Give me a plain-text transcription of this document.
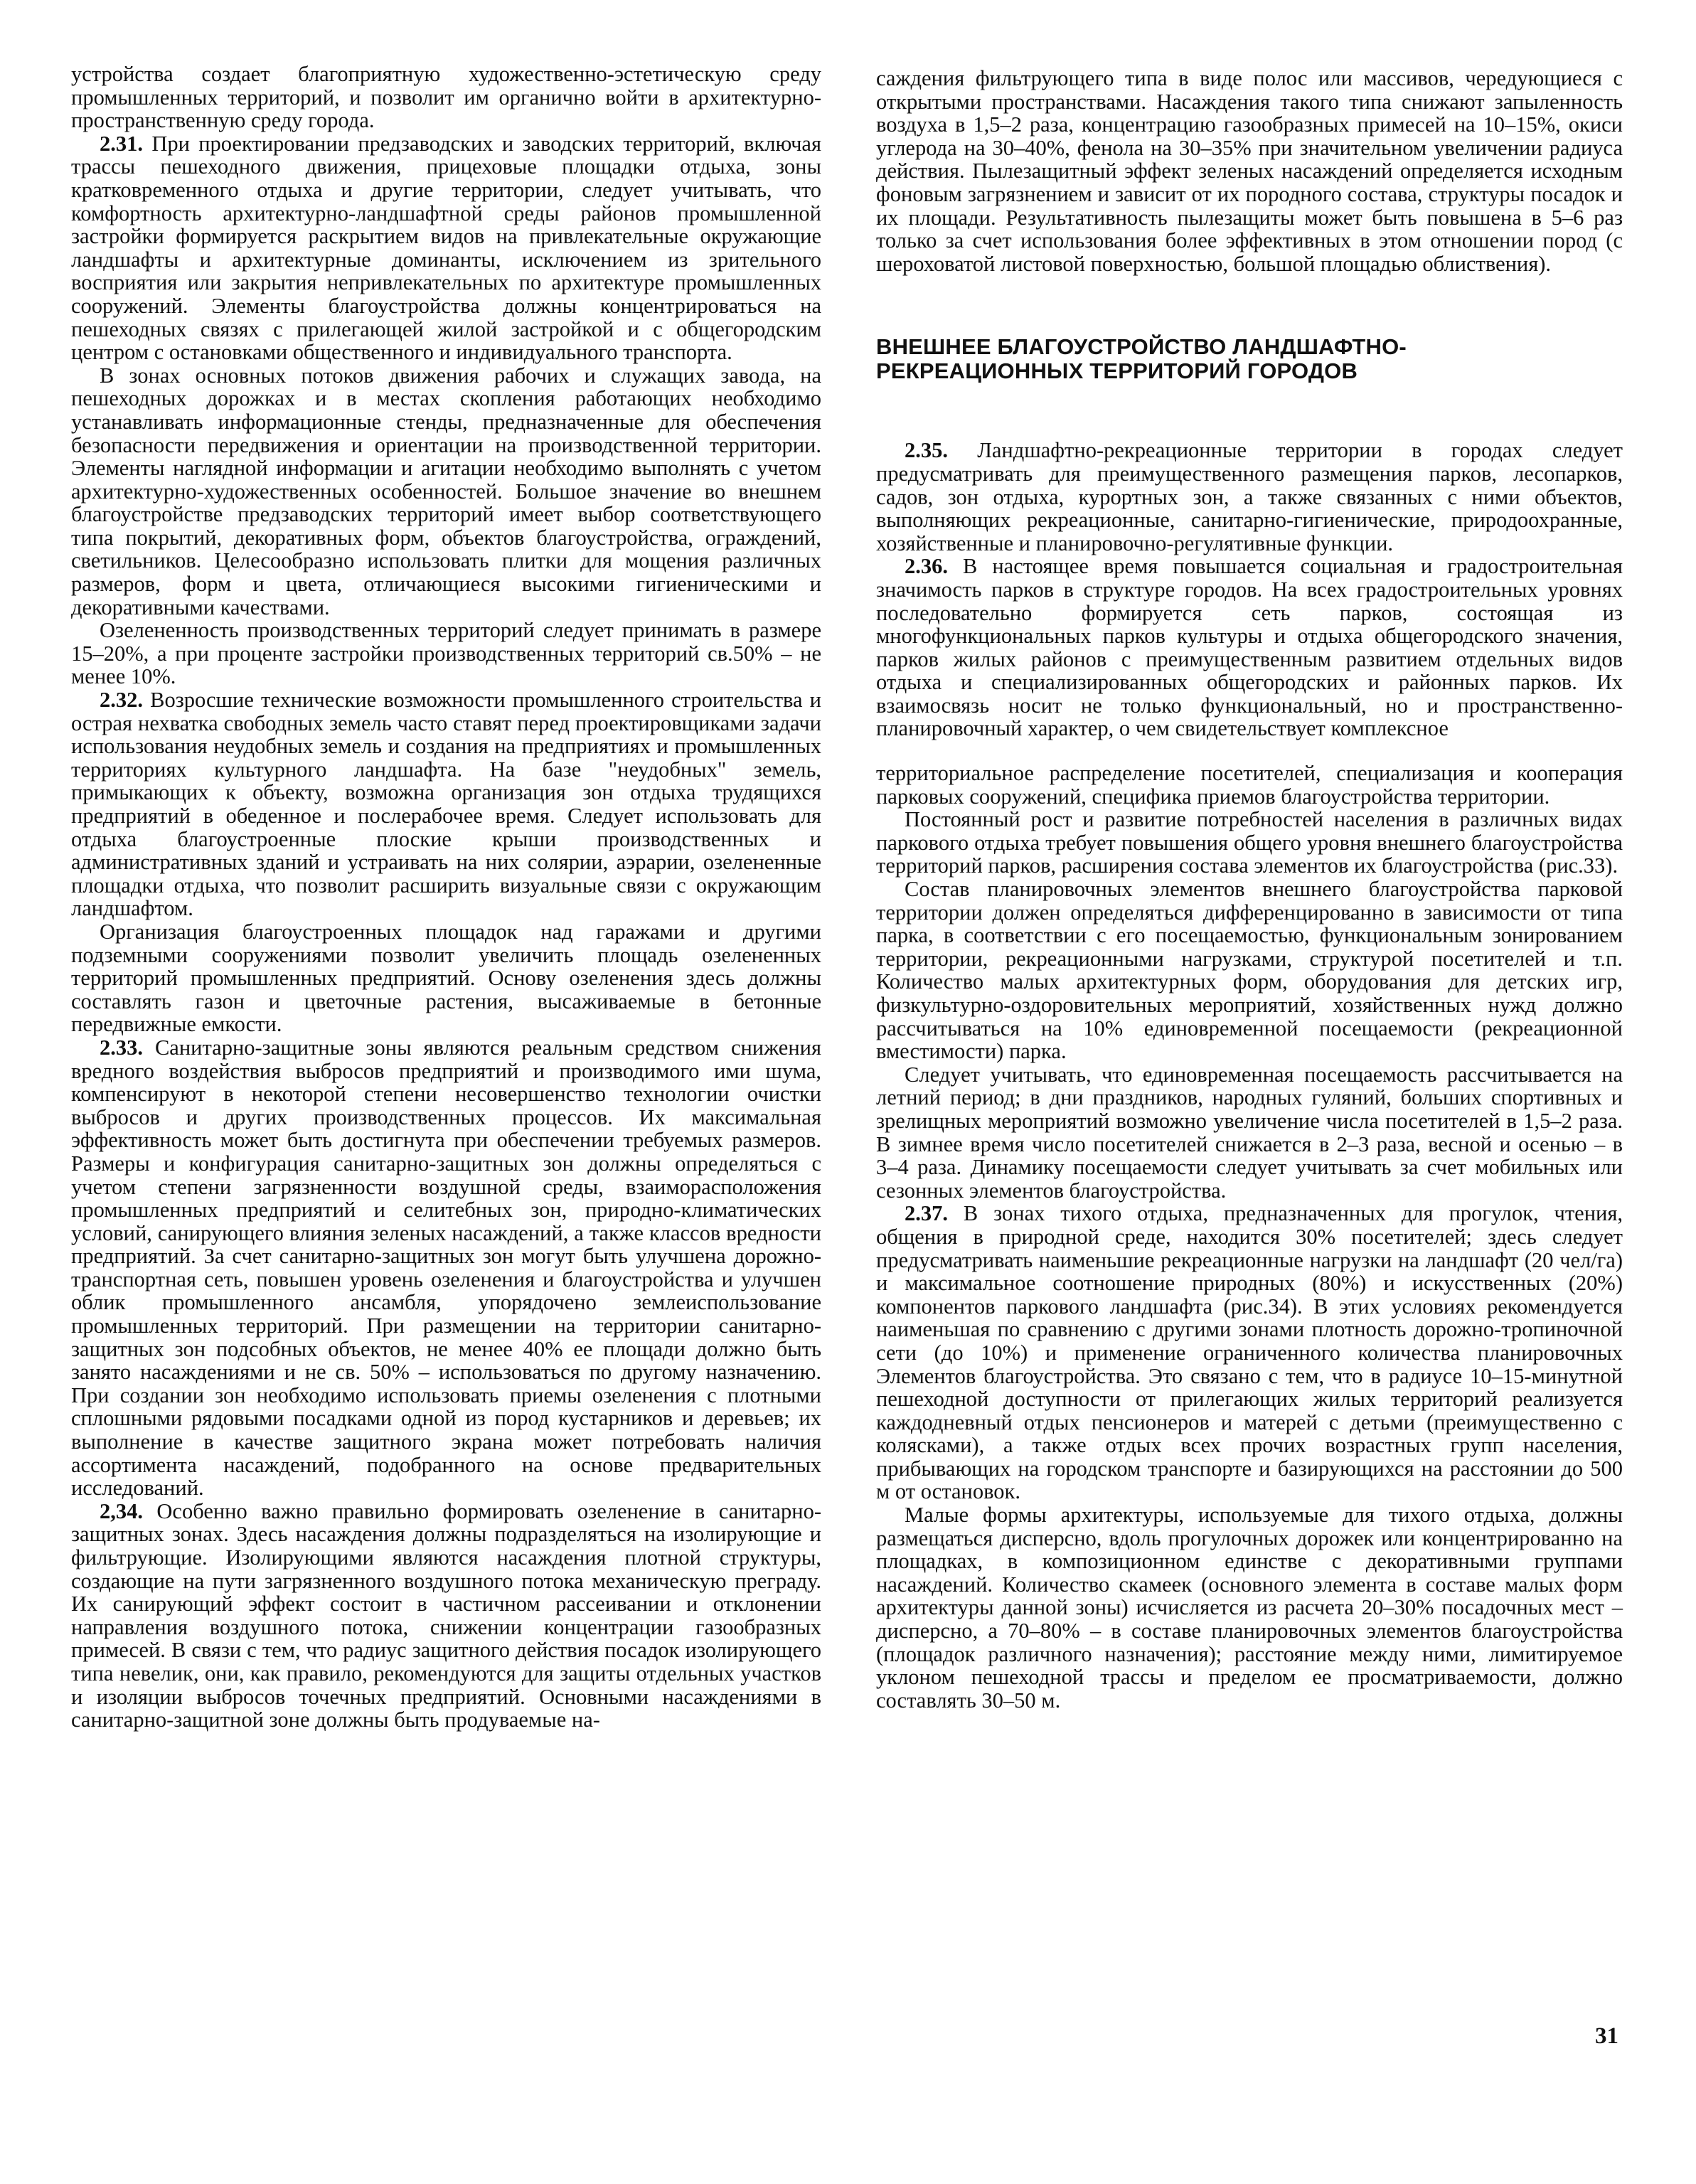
устройства создает благоприятную художественно-эстетическую среду промышленных территорий, и позволит им органично войти в архитектурно-пространственную среду города.

2.31. При проектировании предзаводских и заводских территорий, включая трассы пешеходного движения, прицеховые площадки отдыха, зоны кратковременного отдыха и другие территории, следует учитывать, что комфортность архитектурно-ландшафтной среды районов промышленной застройки формируется раскрытием видов на привлекательные окружающие ландшафты и архитектурные доминанты, исключением из зрительного восприятия или закрытия непривлекательных по архитектуре промышленных сооружений. Элементы благоустройства должны концентрироваться на пешеходных связях с прилегающей жилой застройкой и с общегородским центром с остановками общественного и индивидуального транспорта.

В зонах основных потоков движения рабочих и служащих завода, на пешеходных дорожках и в местах скопления работающих необходимо устанавливать информационные стенды, предназначенные для обеспечения безопасности передвижения и ориентации на производственной территории. Элементы наглядной информации и агитации необходимо выполнять с учетом архитектурно-художественных особенностей. Большое значение во внешнем благоустройстве предзаводских территорий имеет выбор соответствующего типа покрытий, декоративных форм, объектов благоустройства, ограждений, светильников. Целесообразно использовать плитки для мощения различных размеров, форм и цвета, отличающиеся высокими гигиеническими и декоративными качествами.

Озелененность производственных территорий следует принимать в размере 15–20%, а при проценте застройки производственных территорий св.50% – не менее 10%.

2.32. Возросшие технические возможности промышленного строительства и острая нехватка свободных земель часто ставят перед проектировщиками задачи использования неудобных земель и создания на предприятиях и промышленных территориях культурного ландшафта. На базе "неудобных" земель, примыкающих к объекту, возможна организация зон отдыха трудящихся предприятий в обеденное и послерабочее время. Следует использовать для отдыха благоустроенные плоские крыши производственных и административных зданий и устраивать на них солярии, аэрарии, озелененные площадки отдыха, что позволит расширить визуальные связи с окружающим ландшафтом.

Организация благоустроенных площадок над гаражами и другими подземными сооружениями позволит увеличить площадь озелененных территорий промышленных предприятий. Основу озеленения здесь должны составлять газон и цветочные растения, высаживаемые в бетонные передвижные емкости.

2.33. Санитарно-защитные зоны являются реальным средством снижения вредного воздействия выбросов предприятий и производимого ими шума, компенсируют в некоторой степени несовершенство технологии очистки выбросов и других производственных процессов. Их максимальная эффективность может быть достигнута при обеспечении требуемых размеров. Размеры и конфигурация санитарно-защитных зон должны определяться с учетом степени загрязненности воздушной среды, взаиморасположения промышленных предприятий и селитебных зон, природно-климатических условий, санирующего влияния зеленых насаждений, а также классов вредности предприятий. За счет санитарно-защитных зон могут быть улучшена дорожно-транспортная сеть, повышен уровень озеленения и благоустройства и улучшен облик промышленного ансамбля, упорядочено землеиспользование промышленных территорий. При размещении на территории санитарно-защитных зон подсобных объектов, не менее 40% ее площади должно быть занято насаждениями и не св. 50% – использоваться по другому назначению. При создании зон необходимо использовать приемы озеленения с плотными сплошными рядовыми посадками одной из пород кустарников и деревьев; их выполнение в качестве защитного экрана может потребовать наличия ассортимента насаждений, подобранного на основе предварительных исследований.

2,34. Особенно важно правильно формировать озеленение в санитарно-защитных зонах. Здесь насаждения должны подразделяться на изолирующие и фильтрующие. Изолирующими являются насаждения плотной структуры, создающие на пути загрязненного воздушного потока механическую преграду. Их санирующий эффект состоит в частичном рассеивании и отклонении направления воздушного потока, снижении концентрации газообразных примесей. В связи с тем, что радиус защитного действия посадок изолирующего типа невелик, они, как правило, рекомендуются для защиты отдельных участков и изоляции выбросов точечных предприятий. Основными насаждениями в санитарно-защитной зоне должны быть продуваемые на-

саждения фильтрующего типа в виде полос или массивов, чередующиеся с открытыми пространствами. Насаждения такого типа снижают запыленность воздуха в 1,5–2 раза, концентрацию газообразных примесей на 10–15%, окиси углерода на 30–40%, фенола на 30–35% при значительном увеличении радиуса действия. Пылезащитный эффект зеленых насаждений определяется исходным фоновым загрязнением и зависит от их породного состава, структуры посадок и их площади. Результативность пылезащиты может быть повышена в 5–6 раз только за счет использования более эффективных в этом отношении пород (с шероховатой листовой поверхностью, большой площадью облиствения).

ВНЕШНЕЕ БЛАГОУСТРОЙСТВО ЛАНДШАФТНО-
РЕКРЕАЦИОННЫХ ТЕРРИТОРИЙ ГОРОДОВ

2.35. Ландшафтно-рекреационные территории в городах следует предусматривать для преимущественного размещения парков, лесопарков, садов, зон отдыха, курортных зон, а также связанных с ними объектов, выполняющих рекреационные, санитарно-гигиенические, природоохранные, хозяйственные и планировочно-регулятивные функции.

2.36. В настоящее время повышается социальная и градостроительная значимость парков в структуре городов. На всех градостроительных уровнях последовательно формируется сеть парков, состоящая из многофункциональных парков культуры и отдыха общегородского значения, парков жилых районов с преимущественным развитием отдельных видов отдыха и специализированных общегородских и районных парков. Их взаимосвязь носит не только функциональный, но и пространственно-планировочный характер, о чем свидетельствует комплексное

территориальное распределение посетителей, специализация и кооперация парковых сооружений, специфика приемов благоустройства территории.

Постоянный рост и развитие потребностей населения в различных видах паркового отдыха требует повышения общего уровня внешнего благоустройства территорий парков, расширения состава элементов их благоустройства (рис.33).

Состав планировочных элементов внешнего благоустройства парковой территории должен определяться дифференцированно в зависимости от типа парка, в соответствии с его посещаемостью, функциональным зонированием территории, рекреационными нагрузками, структурой посетителей и т.п. Количество малых архитектурных форм, оборудования для детских игр, физкультурно-оздоровительных мероприятий, хозяйственных нужд должно рассчитываться на 10% единовременной посещаемости (рекреационной вместимости) парка.

Следует учитывать, что единовременная посещаемость рассчитывается на летний период; в дни праздников, народных гуляний, больших спортивных и зрелищных мероприятий возможно увеличение числа посетителей в 1,5–2 раза. В зимнее время число посетителей снижается в 2–3 раза, весной и осенью – в 3–4 раза. Динамику посещаемости следует учитывать за счет мобильных или сезонных элементов благоустройства.

2.37. В зонах тихого отдыха, предназначенных для прогулок, чтения, общения в природной среде, находится 30% посетителей; здесь следует предусматривать наименьшие рекреационные нагрузки на ландшафт (20 чел/га) и максимальное соотношение природных (80%) и искусственных (20%) компонентов паркового ландшафта (рис.34). В этих условиях рекомендуется наименьшая по сравнению с другими зонами плотность дорожно-тропиночной сети (до 10%) и применение ограниченного количества планировочных Элементов благоустройства. Это связано с тем, что в радиусе 10–15-минутной пешеходной доступности от прилегающих жилых территорий реализуется каждодневный отдых пенсионеров и матерей с детьми (преимущественно с колясками), а также отдых всех прочих возрастных групп населения, прибывающих на городском транспорте и базирующихся на расстоянии до 500 м от остановок.

Малые формы архитектуры, используемые для тихого отдыха, должны размещаться дисперсно, вдоль прогулочных дорожек или концентрированно на площадках, в композиционном единстве с декоративными группами насаждений. Количество скамеек (основного элемента в составе малых форм архитектуры данной зоны) исчисляется из расчета 20–30% посадочных мест – дисперсно, а 70–80% – в составе планировочных элементов благоустройства (площадок различного назначения); расстояние между ними, лимитируемое уклоном пешеходной трассы и пределом ее просматриваемости, должно составлять 30–50 м.

31
